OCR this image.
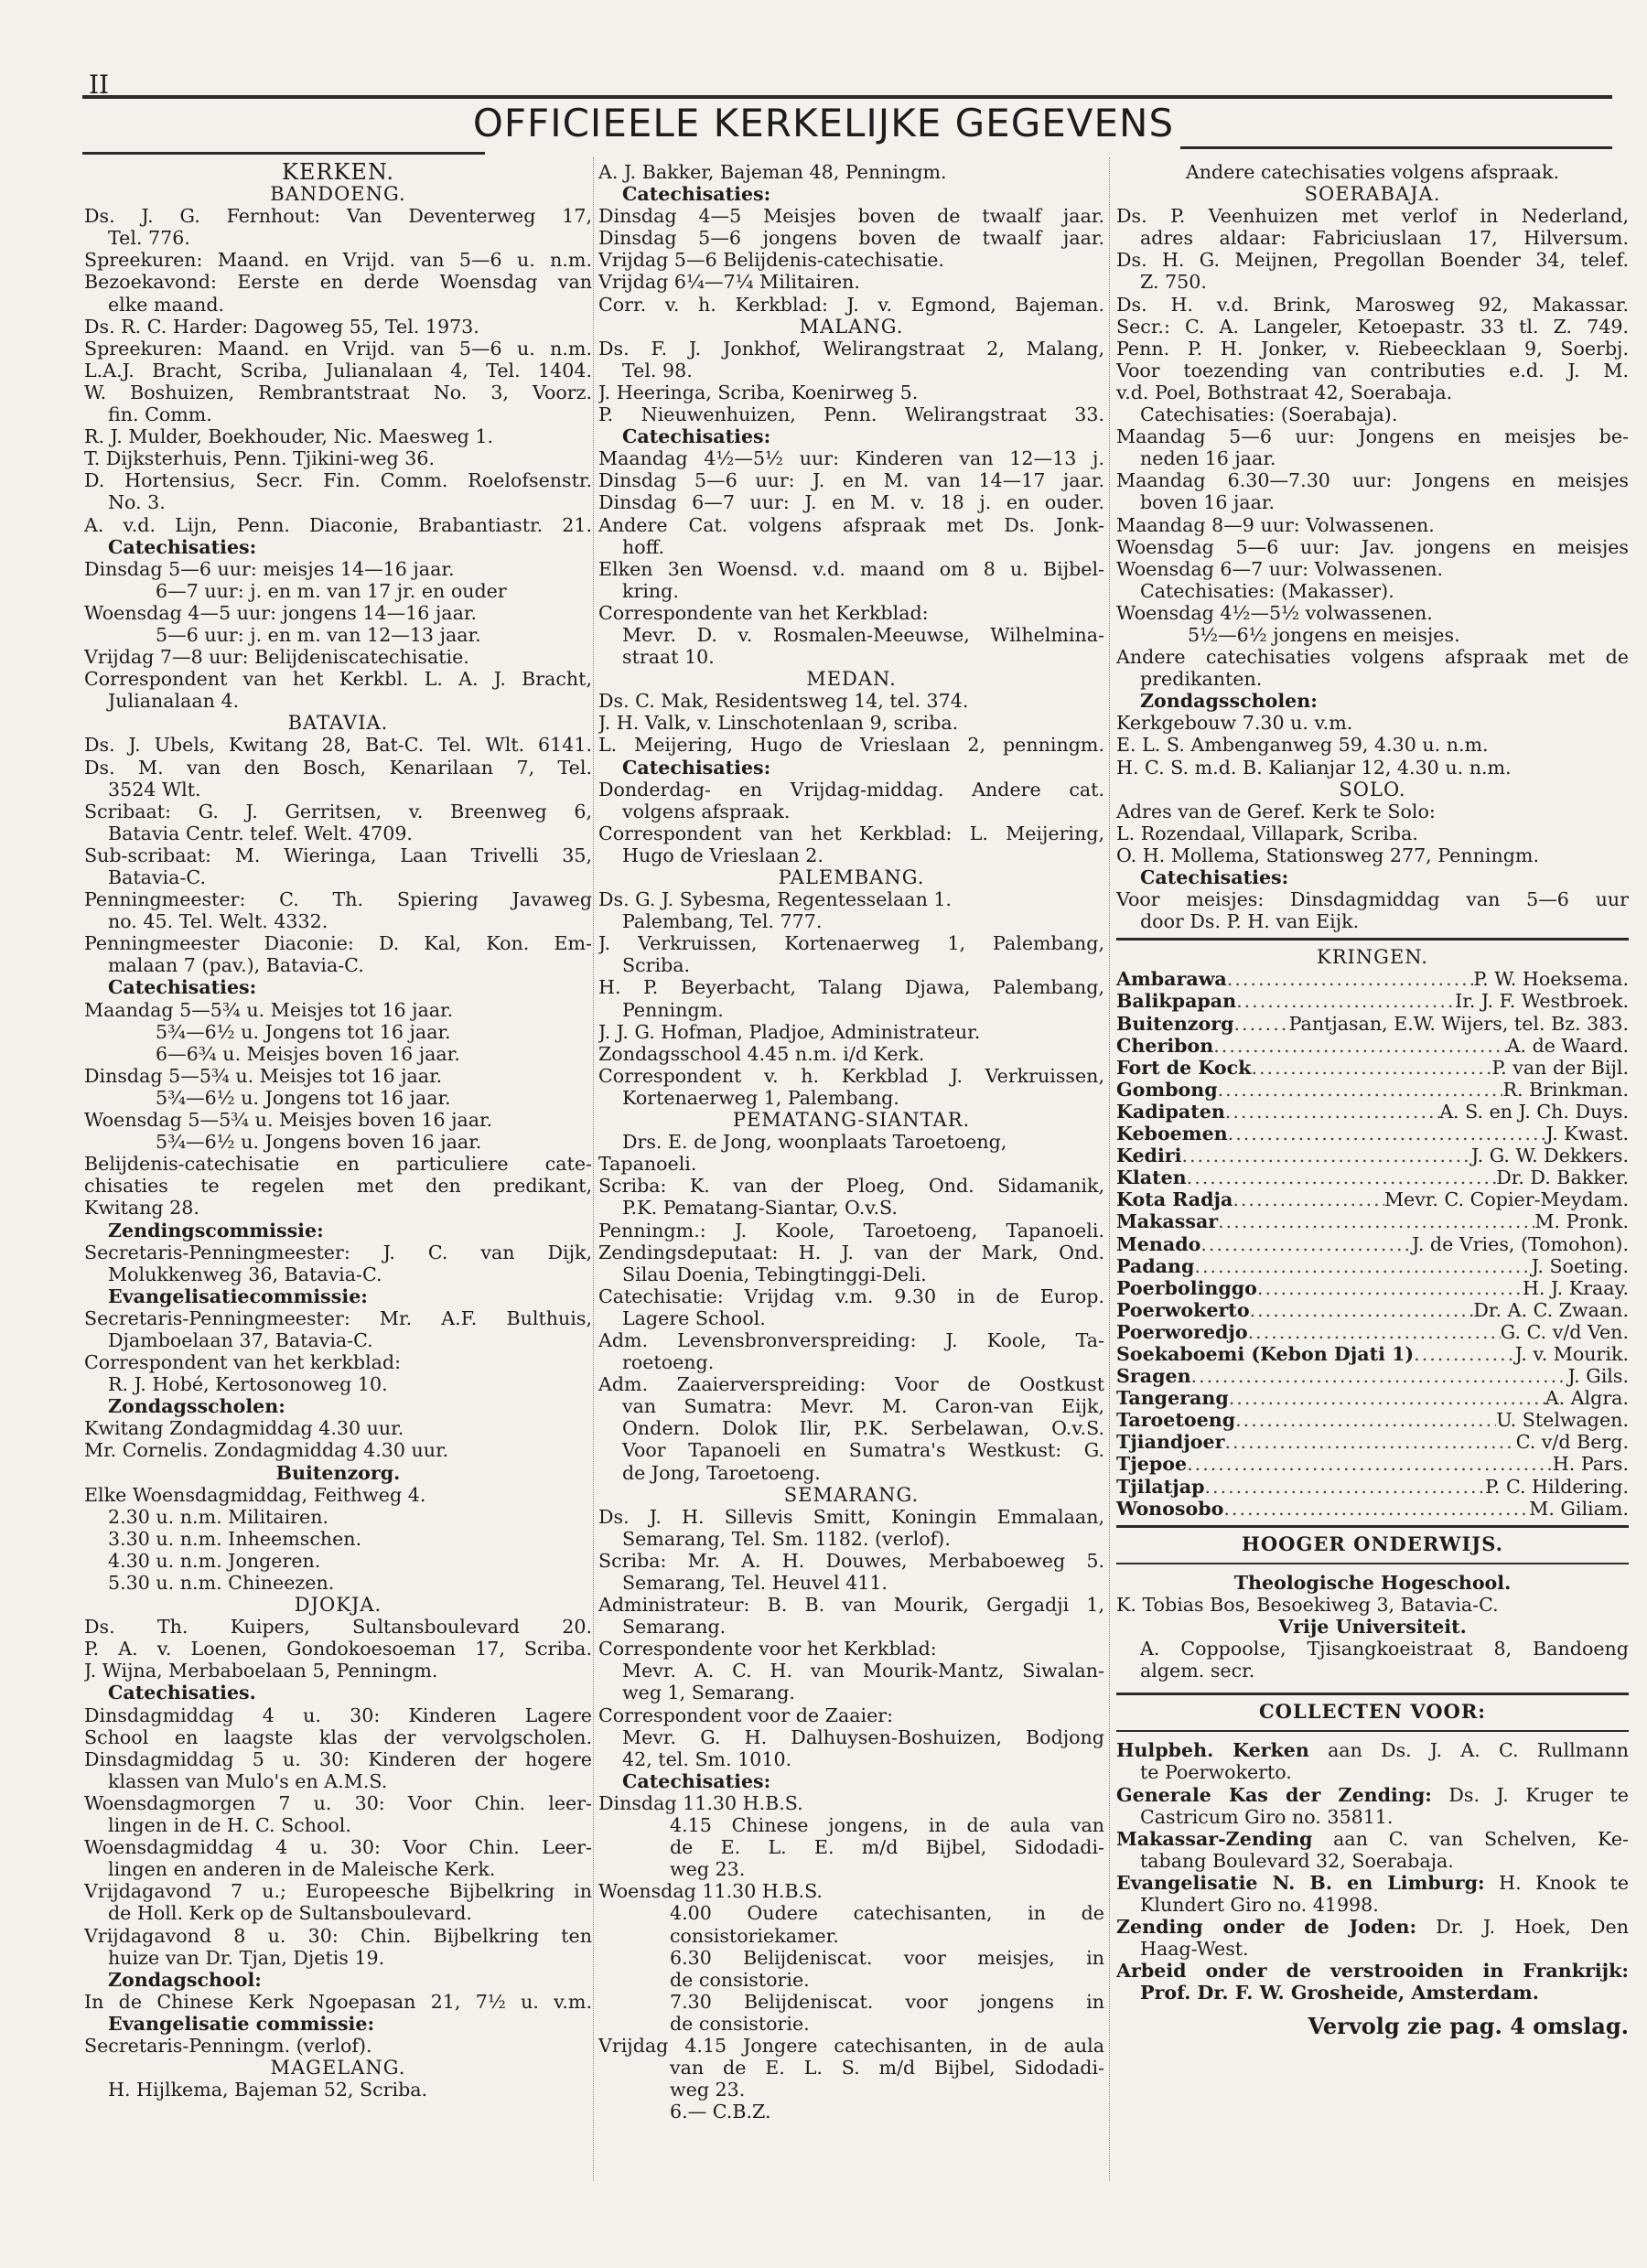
II
OFFICIEELE KERKELIJKE GEGEVENS
KERKEN.
BANDOENG.
Ds. J. G. Fernhout: Van Deventerweg 17,
Tel. 776.
Spreekuren: Maand. en Vrijd. van 5—6 u. n.m.
Bezoekavond: Eerste en derde Woensdag van
elke maand.
Ds. R. C. Harder: Dagoweg 55, Tel. 1973.
Spreekuren: Maand. en Vrijd. van 5—6 u. n.m.
L.A.J. Bracht, Scriba, Julianalaan 4, Tel. 1404.
W. Boshuizen, Rembrantstraat No. 3, Voorz.
fin. Comm.
R. J. Mulder, Boekhouder, Nic. Maesweg 1.
T. Dijksterhuis, Penn. Tjikini-weg 36.
D. Hortensius, Secr. Fin. Comm. Roelofsenstr.
No. 3.
A. v.d. Lijn, Penn. Diaconie, Brabantiastr. 21.
Catechisaties:
Dinsdag 5—6 uur: meisjes 14—16 jaar.
6—7 uur: j. en m. van 17 jr. en ouder
Woensdag 4—5 uur: jongens 14—16 jaar.
5—6 uur: j. en m. van 12—13 jaar.
Vrijdag 7—8 uur: Belijdeniscatechisatie.
Correspondent van het Kerkbl. L. A. J. Bracht,
Julianalaan 4.
BATAVIA.
Ds. J. Ubels, Kwitang 28, Bat-C. Tel. Wlt. 6141.
Ds. M. van den Bosch, Kenarilaan 7, Tel.
3524 Wlt.
Scribaat: G. J. Gerritsen, v. Breenweg 6,
Batavia Centr. telef. Welt. 4709.
Sub-scribaat: M. Wieringa, Laan Trivelli 35,
Batavia-C.
Penningmeester: C. Th. Spiering Javaweg
no. 45. Tel. Welt. 4332.
Penningmeester Diaconie: D. Kal, Kon. Em-
malaan 7 (pav.), Batavia-C.
Catechisaties:
Maandag 5—5¾ u. Meisjes tot 16 jaar.
5¾—6½ u. Jongens tot 16 jaar.
6—6¾ u. Meisjes boven 16 jaar.
Dinsdag 5—5¾ u. Meisjes tot 16 jaar.
5¾—6½ u. Jongens tot 16 jaar.
Woensdag 5—5¾ u. Meisjes boven 16 jaar.
5¾—6½ u. Jongens boven 16 jaar.
Belijdenis-catechisatie en particuliere cate-
chisaties te regelen met den predikant,
Kwitang 28.
Zendingscommissie:
Secretaris-Penningmeester: J. C. van Dijk,
Molukkenweg 36, Batavia-C.
Evangelisatiecommissie:
Secretaris-Penningmeester: Mr. A.F. Bulthuis,
Djamboelaan 37, Batavia-C.
Correspondent van het kerkblad:
R. J. Hobé, Kertosonoweg 10.
Zondagsscholen:
Kwitang Zondagmiddag 4.30 uur.
Mr. Cornelis. Zondagmiddag 4.30 uur.
Buitenzorg.
Elke Woensdagmiddag, Feithweg 4.
2.30 u. n.m. Militairen.
3.30 u. n.m. Inheemschen.
4.30 u. n.m. Jongeren.
5.30 u. n.m. Chineezen.
DJOKJA.
Ds. Th. Kuipers, Sultansboulevard 20.
P. A. v. Loenen, Gondokoesoeman 17, Scriba.
J. Wijna, Merbaboelaan 5, Penningm.
Catechisaties.
Dinsdagmiddag 4 u. 30: Kinderen Lagere
School en laagste klas der vervolgscholen.
Dinsdagmiddag 5 u. 30: Kinderen der hogere
klassen van Mulo's en A.M.S.
Woensdagmorgen 7 u. 30: Voor Chin. leer-
lingen in de H. C. School.
Woensdagmiddag 4 u. 30: Voor Chin. Leer-
lingen en anderen in de Maleische Kerk.
Vrijdagavond 7 u.; Europeesche Bijbelkring in
de Holl. Kerk op de Sultansboulevard.
Vrijdagavond 8 u. 30: Chin. Bijbelkring ten
huize van Dr. Tjan, Djetis 19.
Zondagschool:
In de Chinese Kerk Ngoepasan 21, 7½ u. v.m.
Evangelisatie commissie:
Secretaris-Penningm. (verlof).
MAGELANG.
H. Hijlkema, Bajeman 52, Scriba.
A. J. Bakker, Bajeman 48, Penningm.
Catechisaties:
Dinsdag 4—5 Meisjes boven de twaalf jaar.
Dinsdag 5—6 jongens boven de twaalf jaar.
Vrijdag 5—6 Belijdenis-catechisatie.
Vrijdag 6¼—7¼ Militairen.
Corr. v. h. Kerkblad: J. v. Egmond, Bajeman.
MALANG.
Ds. F. J. Jonkhof, Welirangstraat 2, Malang,
Tel. 98.
J. Heeringa, Scriba, Koenirweg 5.
P. Nieuwenhuizen, Penn. Welirangstraat 33.
Catechisaties:
Maandag 4½—5½ uur: Kinderen van 12—13 j.
Dinsdag 5—6 uur: J. en M. van 14—17 jaar.
Dinsdag 6—7 uur: J. en M. v. 18 j. en ouder.
Andere Cat. volgens afspraak met Ds. Jonk-
hoff.
Elken 3en Woensd. v.d. maand om 8 u. Bijbel-
kring.
Correspondente van het Kerkblad:
Mevr. D. v. Rosmalen-Meeuwse, Wilhelmina-
straat 10.
MEDAN.
Ds. C. Mak, Residentsweg 14, tel. 374.
J. H. Valk, v. Linschotenlaan 9, scriba.
L. Meijering, Hugo de Vrieslaan 2, penningm.
Catechisaties:
Donderdag- en Vrijdag-middag. Andere cat.
volgens afspraak.
Correspondent van het Kerkblad: L. Meijering,
Hugo de Vrieslaan 2.
PALEMBANG.
Ds. G. J. Sybesma, Regentesselaan 1.
Palembang, Tel. 777.
J. Verkruissen, Kortenaerweg 1, Palembang,
Scriba.
H. P. Beyerbacht, Talang Djawa, Palembang,
Penningm.
J. J. G. Hofman, Pladjoe, Administrateur.
Zondagsschool 4.45 n.m. i/d Kerk.
Correspondent v. h. Kerkblad J. Verkruissen,
Kortenaerweg 1, Palembang.
PEMATANG-SIANTAR.
Drs. E. de Jong, woonplaats Taroetoeng,
Tapanoeli.
Scriba: K. van der Ploeg, Ond. Sidamanik,
P.K. Pematang-Siantar, O.v.S.
Penningm.: J. Koole, Taroetoeng, Tapanoeli.
Zendingsdeputaat: H. J. van der Mark, Ond.
Silau Doenia, Tebingtinggi-Deli.
Catechisatie: Vrijdag v.m. 9.30 in de Europ.
Lagere School.
Adm. Levensbronverspreiding: J. Koole, Ta-
roetoeng.
Adm. Zaaierverspreiding: Voor de Oostkust
van Sumatra: Mevr. M. Caron-van Eijk,
Ondern. Dolok Ilir, P.K. Serbelawan, O.v.S.
Voor Tapanoeli en Sumatra's Westkust: G.
de Jong, Taroetoeng.
SEMARANG.
Ds. J. H. Sillevis Smitt, Koningin Emmalaan,
Semarang, Tel. Sm. 1182. (verlof).
Scriba: Mr. A. H. Douwes, Merbaboeweg 5.
Semarang, Tel. Heuvel 411.
Administrateur: B. B. van Mourik, Gergadji 1,
Semarang.
Correspondente voor het Kerkblad:
Mevr. A. C. H. van Mourik-Mantz, Siwalan-
weg 1, Semarang.
Correspondent voor de Zaaier:
Mevr. G. H. Dalhuysen-Boshuizen, Bodjong
42, tel. Sm. 1010.
Catechisaties:
Dinsdag 11.30 H.B.S.
4.15 Chinese jongens, in de aula van
de E. L. E. m/d Bijbel, Sidodadi-
weg 23.
Woensdag 11.30 H.B.S.
4.00 Oudere catechisanten, in de
consistoriekamer.
6.30 Belijdeniscat. voor meisjes, in
de consistorie.
7.30 Belijdeniscat. voor jongens in
de consistorie.
Vrijdag 4.15 Jongere catechisanten, in de aula
van de E. L. S. m/d Bijbel, Sidodadi-
weg 23.
6.— C.B.Z.
Andere catechisaties volgens afspraak.
SOERABAJA.
Ds. P. Veenhuizen met verlof in Nederland,
adres aldaar: Fabriciuslaan 17, Hilversum.
Ds. H. G. Meijnen, Pregollan Boender 34, telef.
Z. 750.
Ds. H. v.d. Brink, Marosweg 92, Makassar.
Secr.: C. A. Langeler, Ketoepastr. 33 tl. Z. 749.
Penn. P. H. Jonker, v. Riebeecklaan 9, Soerbj.
Voor toezending van contributies e.d. J. M.
v.d. Poel, Bothstraat 42, Soerabaja.
Catechisaties: (Soerabaja).
Maandag 5—6 uur: Jongens en meisjes be-
neden 16 jaar.
Maandag 6.30—7.30 uur: Jongens en meisjes
boven 16 jaar.
Maandag 8—9 uur: Volwassenen.
Woensdag 5—6 uur: Jav. jongens en meisjes
Woensdag 6—7 uur: Volwassenen.
Catechisaties: (Makasser).
Woensdag 4½—5½ volwassenen.
5½—6½ jongens en meisjes.
Andere catechisaties volgens afspraak met de
predikanten.
Zondagsscholen:
Kerkgebouw 7.30 u. v.m.
E. L. S. Ambenganweg 59, 4.30 u. n.m.
H. C. S. m.d. B. Kalianjar 12, 4.30 u. n.m.
SOLO.
Adres van de Geref. Kerk te Solo:
L. Rozendaal, Villapark, Scriba.
O. H. Mollema, Stationsweg 277, Penningm.
Catechisaties:
Voor meisjes: Dinsdagmiddag van 5—6 uur
door Ds. P. H. van Eijk.
KRINGEN.
Ambarawa .....	P. W. Hoeksema.
Balikpapan .....	Ir. J. F. Westbroek.
Buitenzorg .....	Pantjasan, E.W. Wijers, tel. Bz. 383.
Cheribon .....	A. de Waard.
Fort de Kock .....	P. van der Bijl.
Gombong .....	R. Brinkman.
Kadipaten .....	A. S. en J. Ch. Duys.
Keboemen .....	J. Kwast.
Kediri .....	J. G. W. Dekkers.
Klaten .....	Dr. D. Bakker.
Kota Radja .....	Mevr. C. Copier-Meydam.
Makassar .....	M. Pronk.
Menado .....	J. de Vries, (Tomohon).
Padang .....	J. Soeting.
Poerbolinggo .....	H. J. Kraay.
Poerwokerto .....	Dr. A. C. Zwaan.
Poerworedjo .....	G. C. v/d Ven.
Soekaboemi (Kebon Djati 1) .....	J. v. Mourik.
Sragen .....	J. Gils.
Tangerang .....	A. Algra.
Taroetoeng .....	U. Stelwagen.
Tjiandjoer .....	C. v/d Berg.
Tjepoe .....	H. Pars.
Tjilatjap .....	P. C. Hildering.
Wonosobo .....	M. Giliam.
HOOGER ONDERWIJS.
Theologische Hogeschool.
K. Tobias Bos, Besoekiweg 3, Batavia-C.
Vrije Universiteit.
A. Coppoolse, Tjisangkoeistraat 8, Bandoeng
algem. secr.
COLLECTEN VOOR:
Hulpbeh. Kerken aan Ds. J. A. C. Rullmann
te Poerwokerto.
Generale Kas der Zending: Ds. J. Kruger te
Castricum Giro no. 35811.
Makassar-Zending aan C. van Schelven, Ke-
tabang Boulevard 32, Soerabaja.
Evangelisatie N. B. en Limburg: H. Knook te
Klundert Giro no. 41998.
Zending onder de Joden: Dr. J. Hoek, Den
Haag-West.
Arbeid onder de verstrooiden in Frankrijk:
Prof. Dr. F. W. Grosheide, Amsterdam.
Vervolg zie pag. 4 omslag.
